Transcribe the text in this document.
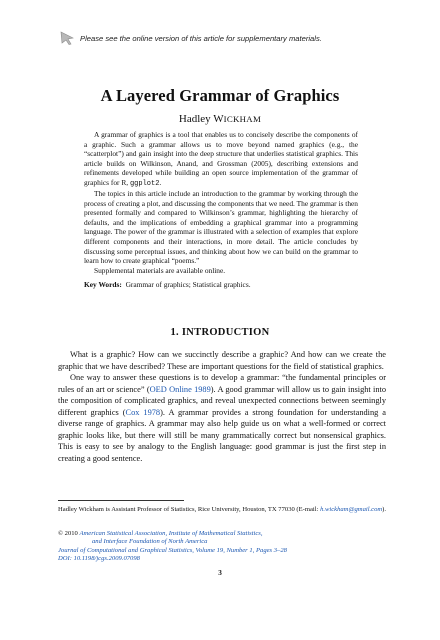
Please see the online version of this article for supplementary materials.
A Layered Grammar of Graphics
Hadley WICKHAM

A grammar of graphics is a tool that enables us to concisely describe the components of a graphic. Such a grammar allows us to move beyond named graphics (e.g., the “scatterplot”) and gain insight into the deep structure that underlies statistical graphics. This article builds on Wilkinson, Anand, and Grossman (2005), describing extensions and refinements developed while building an open source implementation of the grammar of graphics for R, ggplot2.

The topics in this article include an introduction to the grammar by working through the process of creating a plot, and discussing the components that we need. The grammar is then presented formally and compared to Wilkinson’s grammar, highlighting the hierarchy of defaults, and the implications of embedding a graphical grammar into a programming language. The power of the grammar is illustrated with a selection of examples that explore different components and their interactions, in more detail. The article concludes by discussing some perceptual issues, and thinking about how we can build on the grammar to learn how to create graphical “poems.”

Supplemental materials are available online.

Key Words: Grammar of graphics; Statistical graphics.
1. INTRODUCTION

What is a graphic? How can we succinctly describe a graphic? And how can we create the graphic that we have described? These are important questions for the field of statistical graphics.

One way to answer these questions is to develop a grammar: “the fundamental principles or rules of an art or science” (OED Online 1989). A good grammar will allow us to gain insight into the composition of complicated graphics, and reveal unexpected connections between seemingly different graphics (Cox 1978). A grammar provides a strong foundation for understanding a diverse range of graphics. A grammar may also help guide us on what a well-formed or correct graphic looks like, but there will still be many grammatically correct but nonsensical graphics. This is easy to see by analogy to the English language: good grammar is just the first step in creating a good sentence.

Hadley Wickham is Assistant Professor of Statistics, Rice University, Houston, TX 77030 (E-mail: h.wickham@gmail.com).
© 2010 American Statistical Association, Institute of Mathematical Statistics,
and Interface Foundation of North America
Journal of Computational and Graphical Statistics, Volume 19, Number 1, Pages 3–28
DOI: 10.1198/jcgs.2009.07098
3
